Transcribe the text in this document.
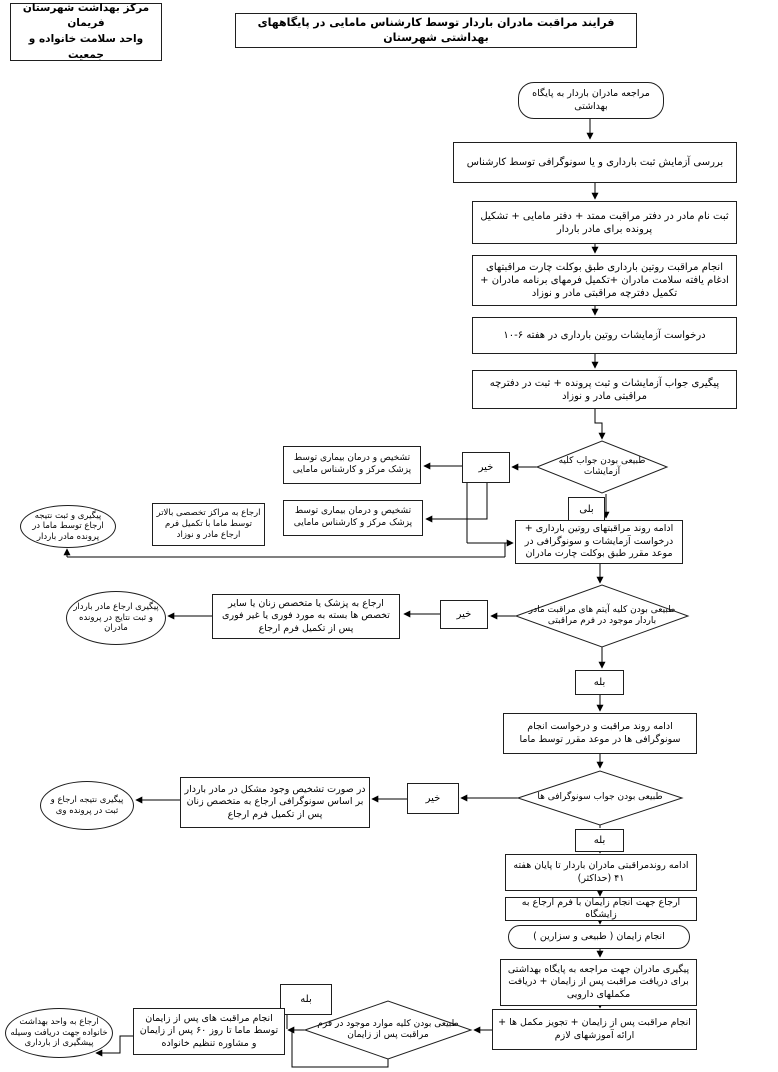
مرکز بهداشت شهرستان فریمان
واحد سلامت خانواده و جمعیت
فرایند مراقبت مادران باردار توسط کارشناس مامایی در پایگاههای بهداشتی شهرستان
مراجعه مادران باردار به پایگاه بهداشتی
بررسی آزمایش ثبت بارداری و یا سونوگرافی توسط کارشناس
ثبت نام مادر در دفتر مراقبت ممتد + دفتر مامایی + تشکیل پرونده برای مادر باردار
انجام مراقبت روتین بارداری طبق بوکلت چارت مراقبتهای ادغام یافته سلامت مادران +تکمیل فرمهای برنامه مادران + تکمیل دفترچه مراقبتی مادر و نوزاد
درخواست آزمایشات روتین بارداری در هفته ۶-۱۰
پیگیری جواب آزمایشات و ثبت پرونده + ثبت در دفترچه مراقبتی مادر و نوزاد
طبیعی بودن جواب کلیه آزمایشات
خیر
تشخیص و درمان بیماری توسط پزشک مرکز و کارشناس مامایی
تشخیص و درمان بیماری توسط پزشک مرکز و کارشناس مامایی
ارجاع به مراکز تخصصی بالاتر توسط ماما با تکمیل فرم ارجاع مادر و نوزاد
پیگیری و ثبت نتیجه ارجاع توسط ماما در پرونده مادر باردار
بلی
ادامه روند مراقبتهای روتین بارداری + درخواست آزمایشات و سونوگرافی در موعد مقرر طبق بوکلت چارت مادران
طبیعی بودن کلیه آیتم های مراقبت مادر باردار موجود در فرم مراقبتی
خیر
ارجاع به پزشک یا متخصص زنان یا سایر تخصص ها بسته به مورد فوری یا غیر فوری پس از تکمیل فرم ارجاع
پیگیری ارجاع مادر باردار و ثبت نتایج در پرونده مادران
بله
ادامه روند مراقبت و درخواست انجام سونوگرافی ها در موعد مقرر توسط ماما
طبیعی بودن جواب سونوگرافی ها
خیر
در صورت تشخیص وجود مشکل در مادر باردار بر اساس سونوگرافی ارجاع به متخصص زنان پس از تکمیل فرم ارجاع
پیگیری نتیجه ارجاع و ثبت در پرونده وی
بله
ادامه روندمراقبتی مادران باردار تا پایان هفته ۴۱ (حداکثر)
ارجاع جهت انجام زایمان با فرم ارجاع به زایشگاه
انجام زایمان ( طبیعی و سزارین )
پیگیری مادران جهت مراجعه به پایگاه بهداشتی برای دریافت مراقبت پس از زایمان + دریافت مکملهای دارویی
انجام مراقبت پس از زایمان + تجویز مکمل ها + ارائه آموزشهای لازم
طبیعی بودن کلیه موارد موجود در فرم مراقبت پس از زایمان
بله
انجام مراقبت های پس از زایمان توسط ماما تا روز ۶۰ پس از زایمان و مشاوره تنظیم خانواده
ارجاع به واحد بهداشت خانواده جهت دریافت وسیله پیشگیری از بارداری
